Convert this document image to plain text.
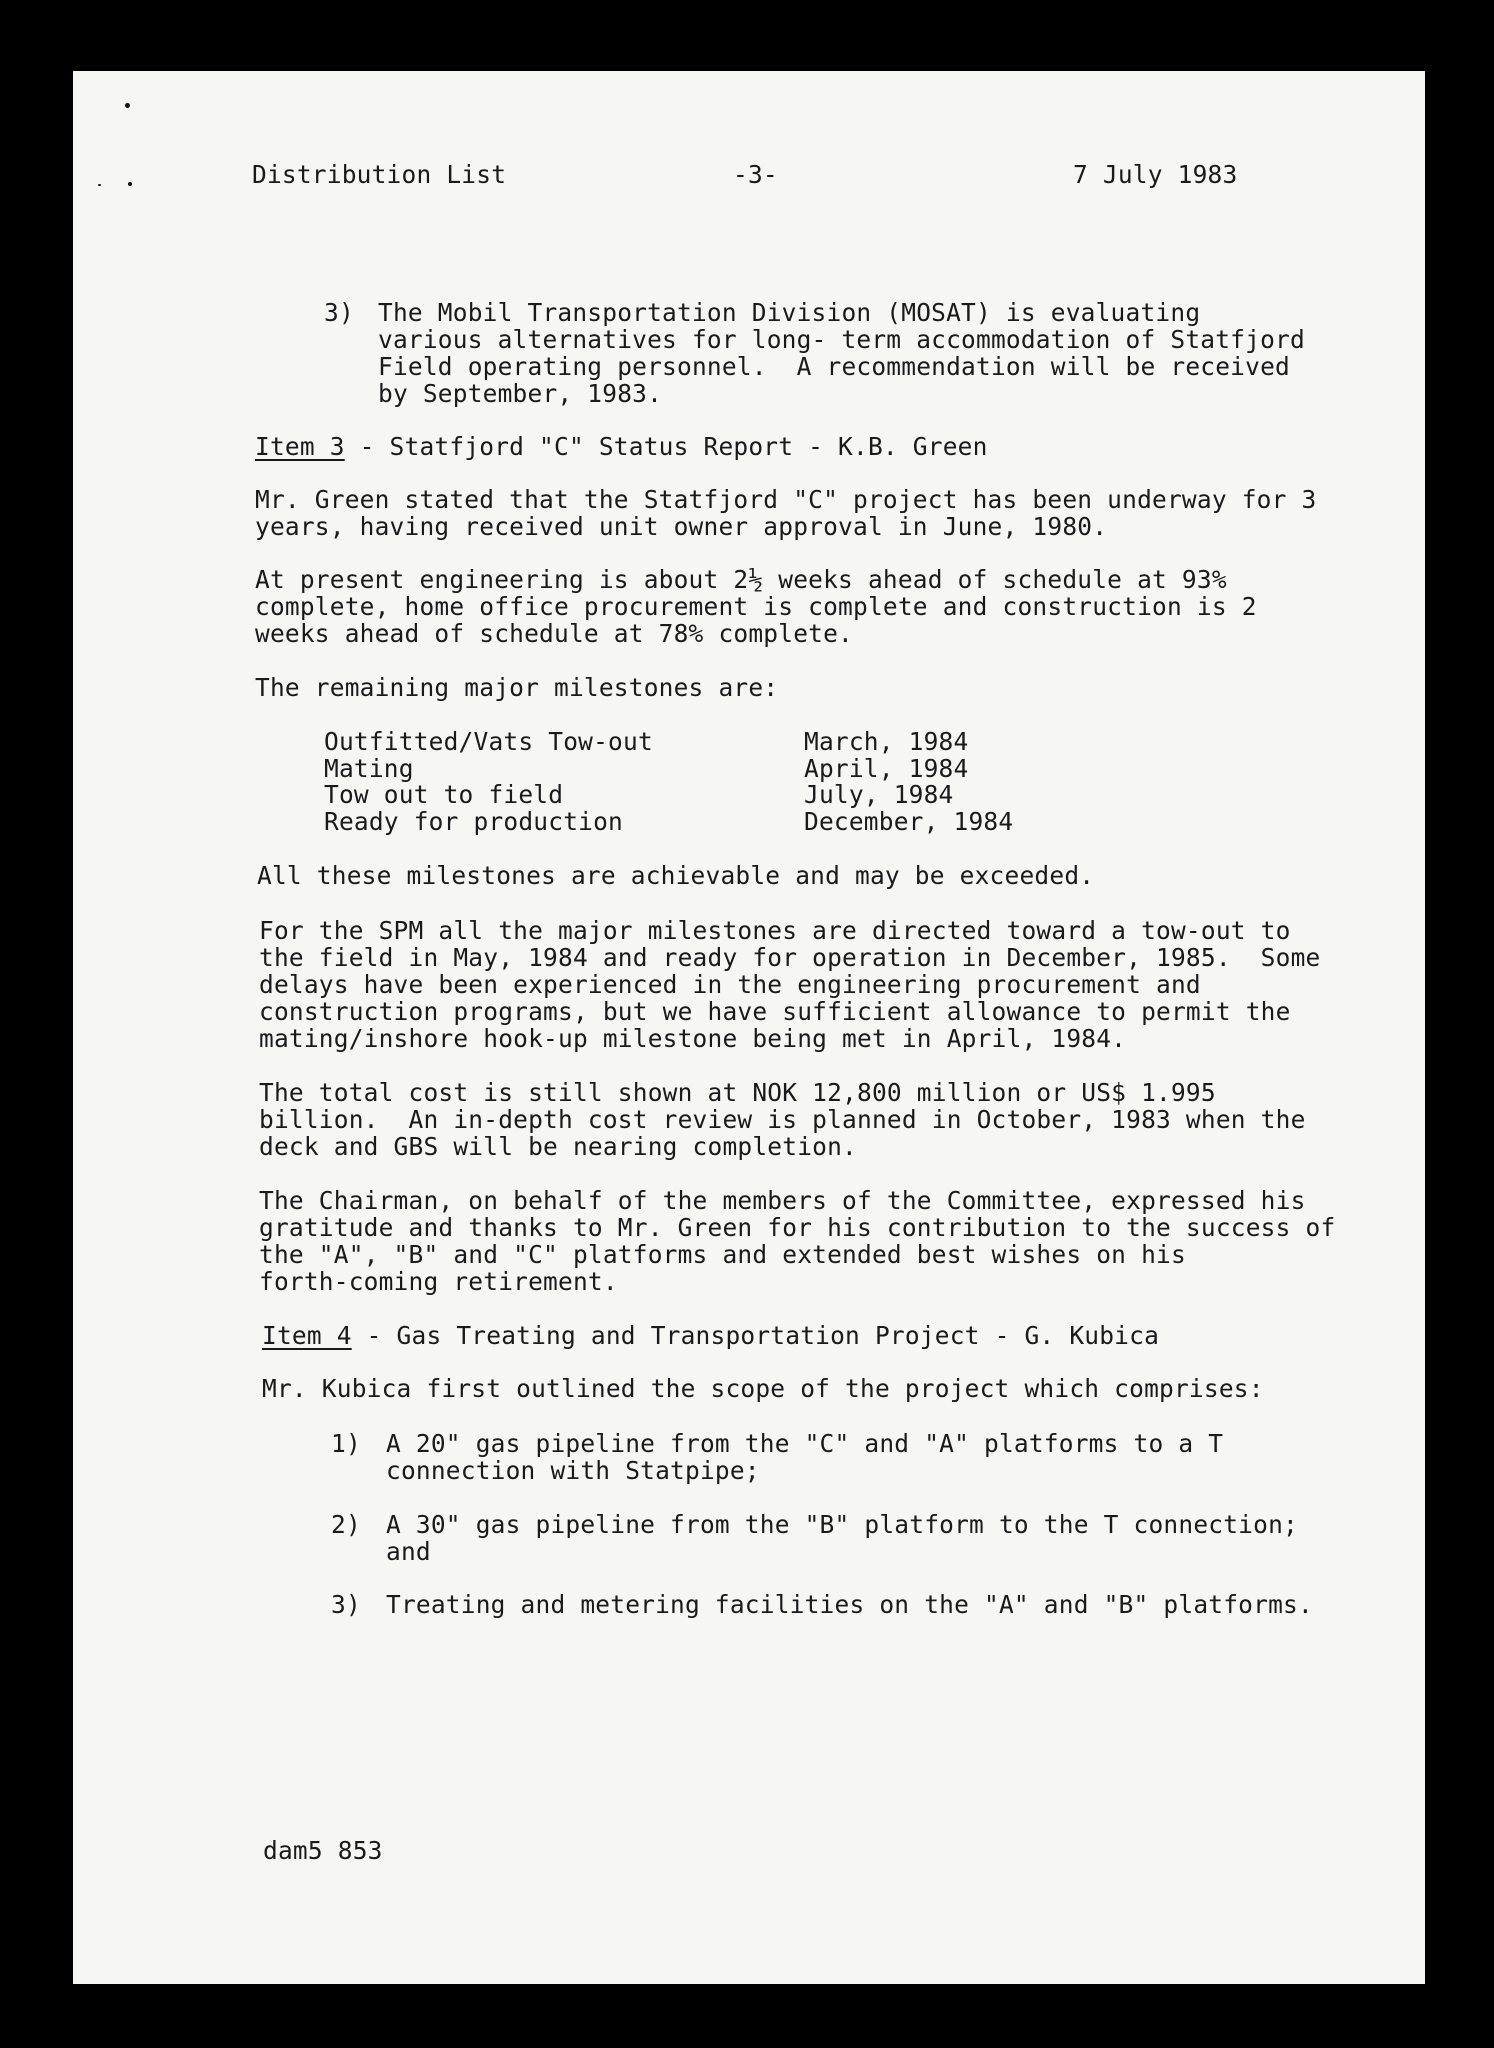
Distribution List	-3-	7 July 1983
3) The Mobil Transportation Division (MOSAT) is evaluating
various alternatives for long- term accommodation of Statfjord
Field operating personnel.  A recommendation will be received
by September, 1983.
Item 3 - Statfjord "C" Status Report - K.B. Green
Mr. Green stated that the Statfjord "C" project has been underway for 3
years, having received unit owner approval in June, 1980.
At present engineering is about 2½ weeks ahead of schedule at 93%
complete, home office procurement is complete and construction is 2
weeks ahead of schedule at 78% complete.
The remaining major milestones are:
Outfitted/Vats Tow-out	March, 1984
Mating	April, 1984
Tow out to field	July, 1984
Ready for production	December, 1984
All these milestones are achievable and may be exceeded.
For the SPM all the major milestones are directed toward a tow-out to
the field in May, 1984 and ready for operation in December, 1985.  Some
delays have been experienced in the engineering procurement and
construction programs, but we have sufficient allowance to permit the
mating/inshore hook-up milestone being met in April, 1984.
The total cost is still shown at NOK 12,800 million or US$ 1.995
billion.  An in-depth cost review is planned in October, 1983 when the
deck and GBS will be nearing completion.
The Chairman, on behalf of the members of the Committee, expressed his
gratitude and thanks to Mr. Green for his contribution to the success of
the "A", "B" and "C" platforms and extended best wishes on his
forth-coming retirement.
Item 4 - Gas Treating and Transportation Project - G. Kubica
Mr. Kubica first outlined the scope of the project which comprises:
1) A 20" gas pipeline from the "C" and "A" platforms to a T
connection with Statpipe;
2) A 30" gas pipeline from the "B" platform to the T connection;
and
3) Treating and metering facilities on the "A" and "B" platforms.
dam5 853
